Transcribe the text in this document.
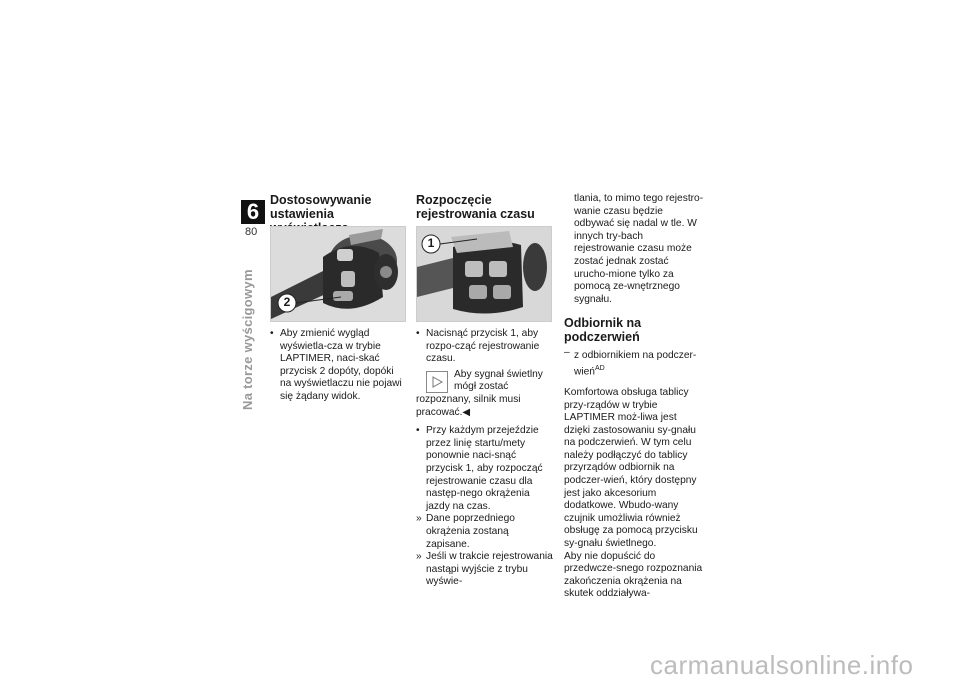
6
80
Na torze wyścigowym
Dostosowywanie ustawienia
2

• Aby zmienić wygląd wyświetla-cza w trybie LAPTIMER, naci-skać przycisk 2 dopóty, dopóki na wyświetlaczu nie pojawi się żądany widok.

Rozpoczęcie rejestrowania czasu
1

• Nacisnąć przycisk 1, aby rozpo-cząć rejestrowanie czasu.

Aby sygnał świetlny mógł zostać rozpoznany, silnik musi pracować.◀

• Przy każdym przejeździe przez linię startu/mety ponownie naci-snąć przycisk 1, aby rozpocząć rejestrowanie czasu dla następ-nego okrążenia jazdy na czas.

» Dane poprzedniego okrążenia zostaną zapisane.

» Jeśli w trakcie rejestrowania nastąpi wyjście z trybu wyświe-

tlania, to mimo tego rejestro-wanie czasu będzie odbywać się nadal w tle. W innych try-bach rejestrowanie czasu może zostać jednak zostać urucho-mione tylko za pomocą ze-wnętrznego sygnału.

Odbiornik na podczerwień

– z odbiornikiem na podczer-wień$^{AD}$

Komfortowa obsługa tablicy przy-rządów w trybie LAPTIMER moż-liwa jest dzięki zastosowaniu sy-gnału na podczerwień. W tym celu należy podłączyć do tablicy przyrządów odbiornik na podczer-wień, który dostępny jest jako akcesorium dodatkowe. Wbudo-wany czujnik umożliwia również obsługę za pomocą przycisku sy-gnału świetlnego.

Aby nie dopuścić do przedwcze-snego rozpoznania zakończenia okrążenia na skutek oddziaływa-

carmanualsonline.info
